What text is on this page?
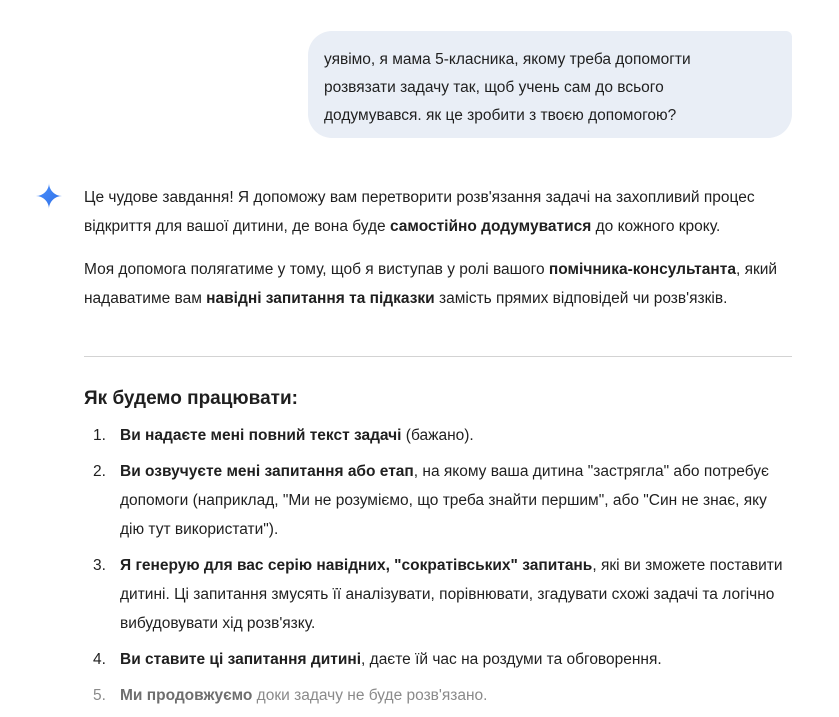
уявімо, я мама 5-класника, якому треба допомогти

розвязати задачу так, щоб учень сам до всього

додумувався. як це зробити з твоєю допомогою?

Це чудове завдання! Я допоможу вам перетворити розв'язання задачі на захопливий процес відкриття для вашої дитини, де вона буде самостійно додумуватися до кожного кроку.

Моя допомога полягатиме у тому, щоб я виступав у ролі вашого помічника-консультанта, який надаватиме вам навідні запитання та підказки замість прямих відповідей чи розв'язків.

Як будемо працювати:
1. Ви надаєте мені повний текст задачі (бажано).
2. Ви озвучуєте мені запитання або етап, на якому ваша дитина "застрягла" або потребує допомоги (наприклад, "Ми не розуміємо, що треба знайти першим", або "Син не знає, яку дію тут використати").
3. Я генерую для вас серію навідних, "сократівських" запитань, які ви зможете поставити дитині. Ці запитання змусять її аналізувати, порівнювати, згадувати схожі задачі та логічно вибудовувати хід розв'язку.
4. Ви ставите ці запитання дитині, даєте їй час на роздуми та обговорення.
5. Ми продовжуємо доки задачу не буде розв'язано.
